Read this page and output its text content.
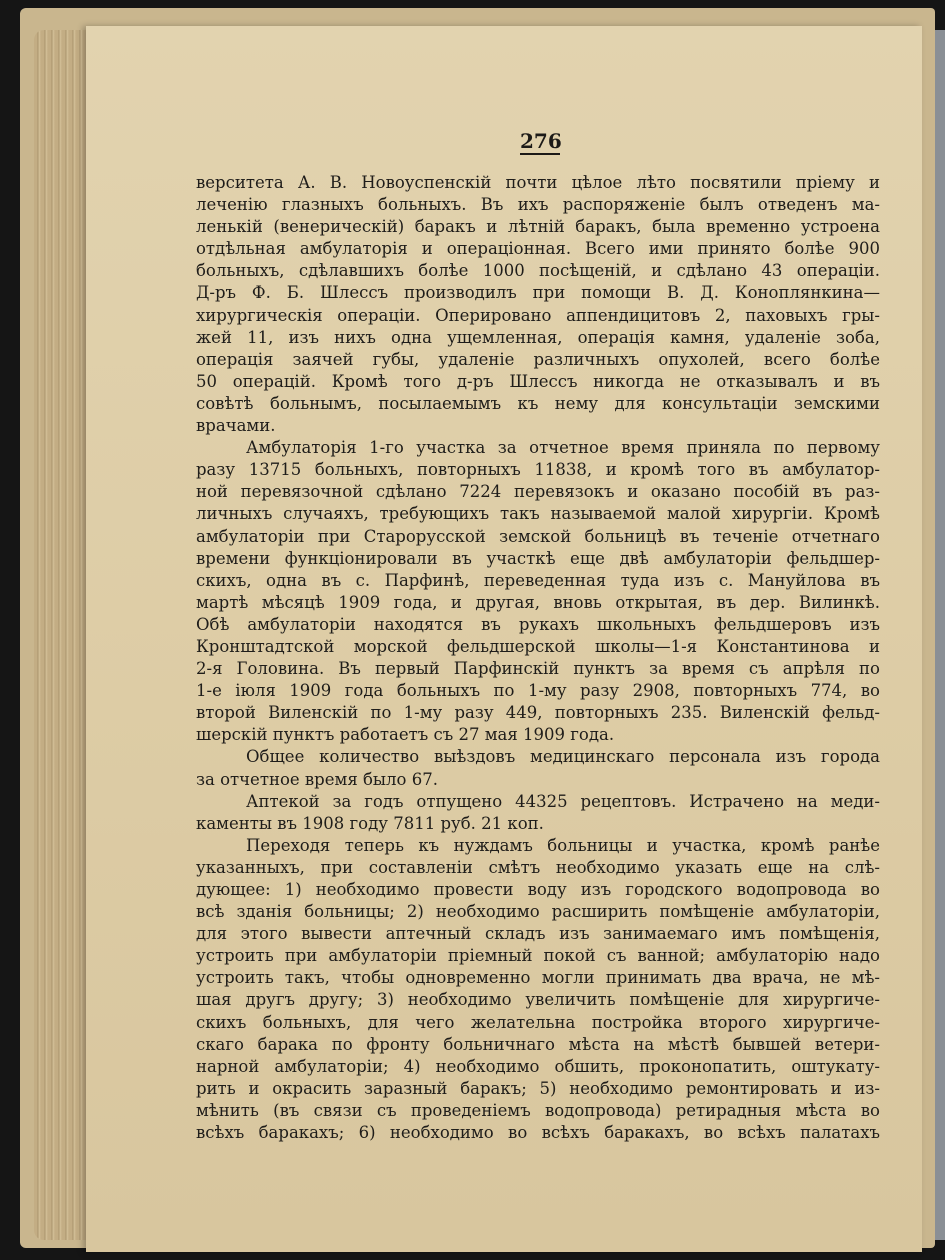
276
верситета А. В. Новоуспенскій почти цѣлое лѣто посвятили пріему и
леченію глазныхъ больныхъ. Въ ихъ распоряженіе былъ отведенъ ма-
ленькій (венерическій) баракъ и лѣтній баракъ, была временно устроена
отдѣльная амбулаторія и операціонная. Всего ими принято болѣе 900
больныхъ, сдѣлавшихъ болѣе 1000 посѣщеній, и сдѣлано 43 операціи.
Д-ръ Ф. Б. Шлессъ производилъ при помощи В. Д. Коноплянкина—
хирургическія операціи. Оперировано аппендицитовъ 2, паховыхъ гры-
жей 11, изъ нихъ одна ущемленная, операція камня, удаленіе зоба,
операція заячей губы, удаленіе различныхъ опухолей, всего болѣе
50 операцій. Кромѣ того д-ръ Шлессъ никогда не отказывалъ и въ
совѣтѣ больнымъ, посылаемымъ къ нему для консультаціи земскими
врачами.
Амбулаторія 1-го участка за отчетное время приняла по первому
разу 13715 больныхъ, повторныхъ 11838, и кромѣ того въ амбулатор-
ной перевязочной сдѣлано 7224 перевязокъ и оказано пособій въ раз-
личныхъ случаяхъ, требующихъ такъ называемой малой хирургіи. Кромѣ
амбулаторіи при Старорусской земской больницѣ въ теченіе отчетнаго
времени функціонировали въ участкѣ еще двѣ амбулаторіи фельдшер-
скихъ, одна въ с. Парфинѣ, переведенная туда изъ с. Мануйлова въ
мартѣ мѣсяцѣ 1909 года, и другая, вновь открытая, въ дер. Вилинкѣ.
Обѣ амбулаторіи находятся въ рукахъ школьныхъ фельдшеровъ изъ
Кронштадтской морской фельдшерской школы—1-я Константинова и
2-я Головина. Въ первый Парфинскій пунктъ за время съ апрѣля по
1-е іюля 1909 года больныхъ по 1-му разу 2908, повторныхъ 774, во
второй Виленскій по 1-му разу 449, повторныхъ 235. Виленскій фельд-
шерскій пунктъ работаетъ съ 27 мая 1909 года.
Общее количество выѣздовъ медицинскаго персонала изъ города
за отчетное время было 67.
Аптекой за годъ отпущено 44325 рецептовъ. Истрачено на меди-
каменты въ 1908 году 7811 руб. 21 коп.
Переходя теперь къ нуждамъ больницы и участка, кромѣ ранѣе
указанныхъ, при составленіи смѣтъ необходимо указать еще на слѣ-
дующее: 1) необходимо провести воду изъ городского водопровода во
всѣ зданія больницы; 2) необходимо расширить помѣщеніе амбулаторіи,
для этого вывести аптечный складъ изъ занимаемаго имъ помѣщенія,
устроить при амбулаторіи пріемный покой съ ванной; амбулаторію надо
устроить такъ, чтобы одновременно могли принимать два врача, не мѣ-
шая другъ другу; 3) необходимо увеличить помѣщеніе для хирургиче-
скихъ больныхъ, для чего желательна постройка второго хирургиче-
скаго барака по фронту больничнаго мѣста на мѣстѣ бывшей ветери-
нарной амбулаторіи; 4) необходимо обшить, проконопатить, оштукату-
рить и окрасить заразный баракъ; 5) необходимо ремонтировать и из-
мѣнить (въ связи съ проведеніемъ водопровода) ретирадныя мѣста во
всѣхъ баракахъ; 6) необходимо во всѣхъ баракахъ, во всѣхъ палатахъ
